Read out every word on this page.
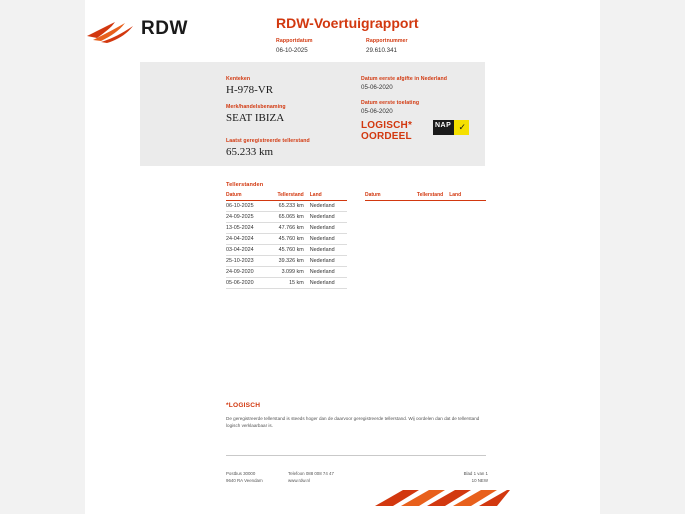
RDW	RDW-Voertuigrapport
Rapportdatum
06-10-2025
Rapportnummer
29.610.341
Kenteken
H-978-VR
Merk/handelsbenaming
SEAT IBIZA
Datum eerste afgifte in Nederland
05-06-2020
Datum eerste toelating
05-06-2020
Laatst geregistreerde tellerstand
65.233 km
LOGISCH*
OORDEEL
NAP ✓
Tellerstanden
Datum	Tellerstand	Land
06-10-2025	65.233 km	Nederland
24-09-2025	65.065 km	Nederland
13-05-2024	47.766 km	Nederland
24-04-2024	45.760 km	Nederland
03-04-2024	45.760 km	Nederland
25-10-2023	39.326 km	Nederland
24-09-2020	3.099 km	Nederland
05-06-2020	15 km	Nederland
Datum	Tellerstand	Land

*LOGISCH
De geregistreerde tellerstand is steeds hoger dan de daarvoor geregistreerde tellerstand. Wij oordelen dan dat de tellerstand logisch verklaarbaar is.
Postbus 30000
9640 RA Veendam
Telefoon 088 008 74 47
www.rdw.nl
Blad 1 van 1
10 NEW
